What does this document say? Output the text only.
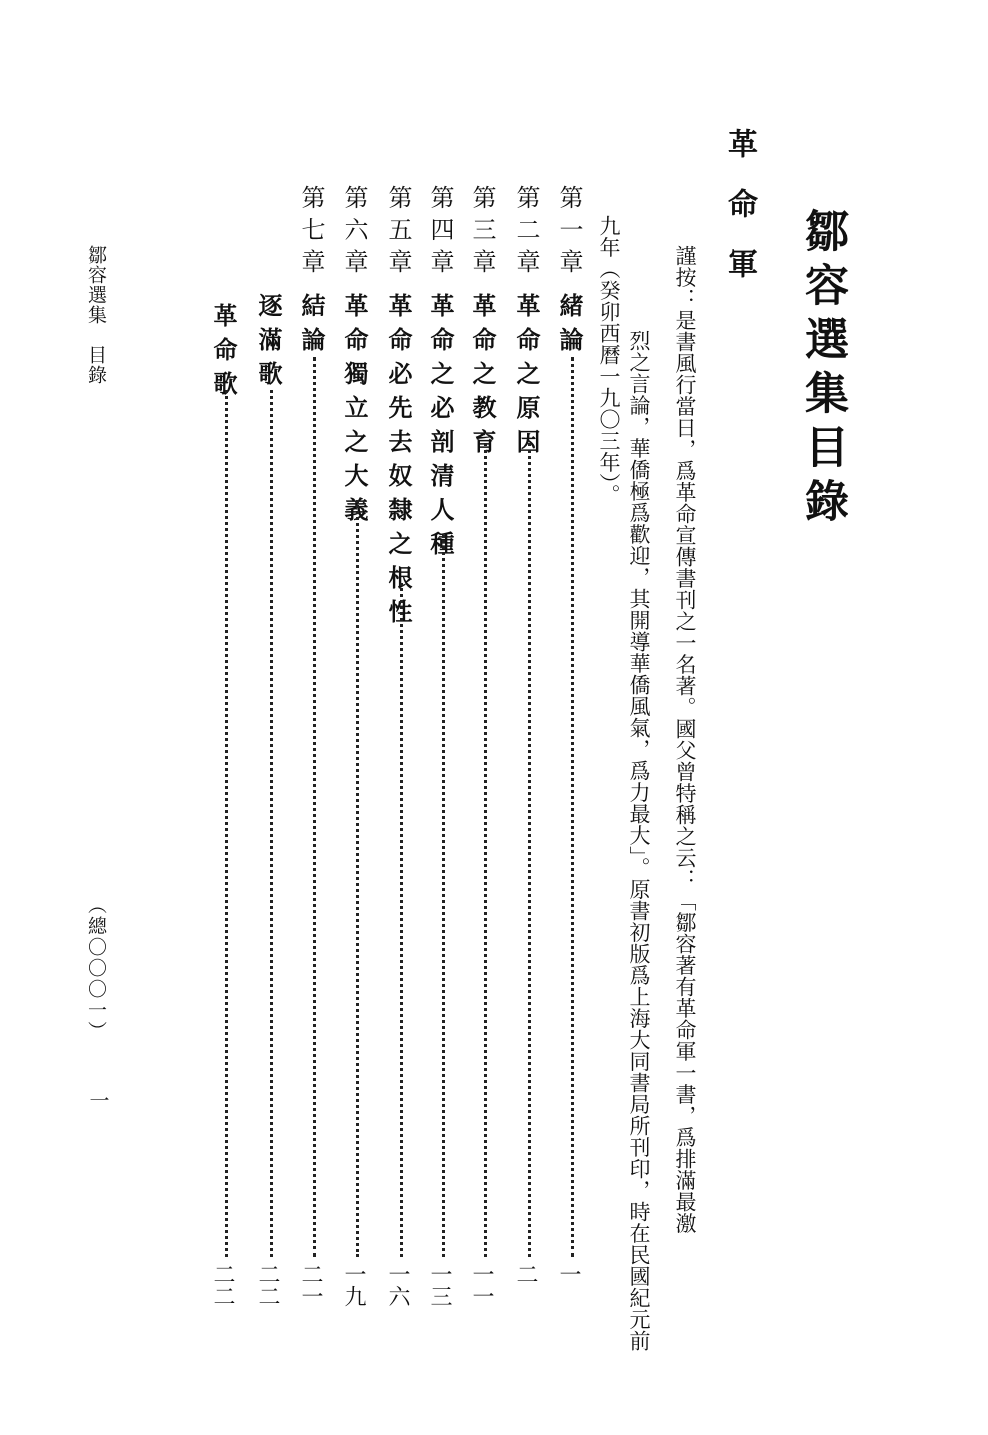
鄒容選集目錄
革命軍
謹按：是書風行當日，爲革命宣傳書刊之一名著。國父曾特稱之云：「鄒容著有革命軍一書，爲排滿最激
烈之言論，華僑極爲歡迎，其開導華僑風氣，爲力最大」。原書初版爲上海大同書局所刊印，時在民國紀元前
九年（癸卯西曆一九〇三年）。
第一章
緒論
一
第二章
革命之原因
二
第三章
革命之教育
一一
第四章
革命之必剖清人種
一三
第五章
革命必先去奴隸之根性
一六
第六章
革命獨立之大義
一九
第七章
結論
二一
逐滿歌
二二
革命歌
二二
鄒容選集　目錄
（總〇〇〇一）
一
